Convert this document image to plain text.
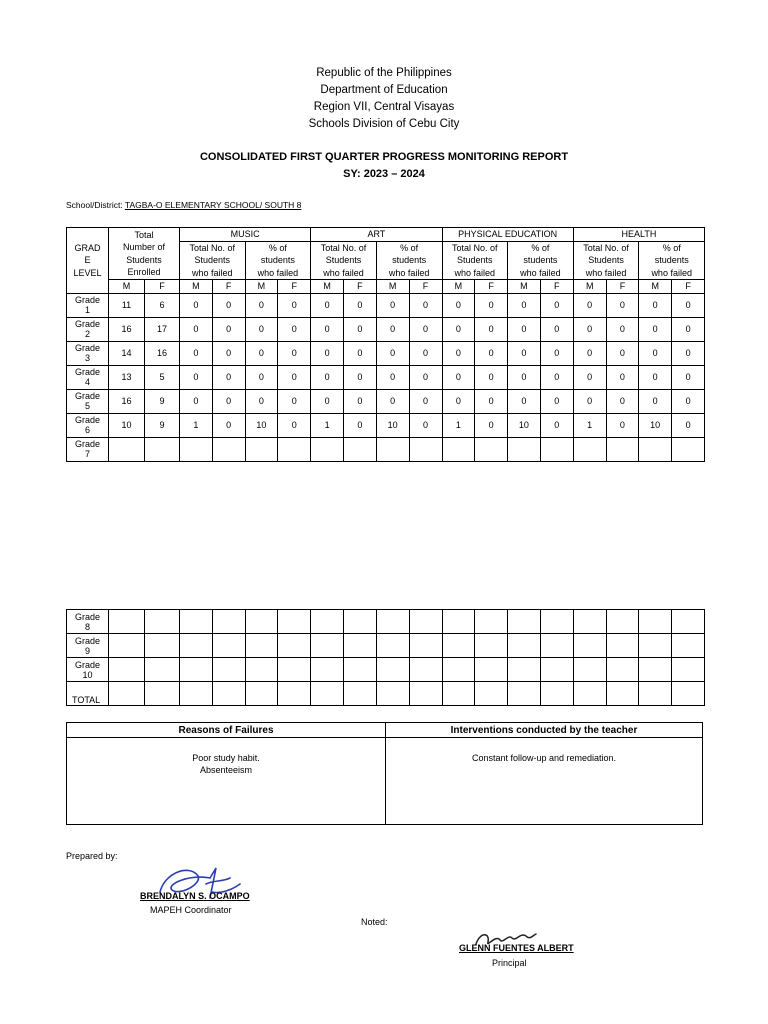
Republic of the Philippines
Department of Education
Region VII, Central Visayas
Schools Division of Cebu City
CONSOLIDATED FIRST QUARTER PROGRESS MONITORING REPORT
SY: 2023 – 2024
School/District: TAGBA-O ELEMENTARY SCHOOL/ SOUTH 8
GRAD
E
LEVEL	Total
Number of
Students
Enrolled		MUSIC				ART				PHYSICAL EDUCATION				HEALTH			

			Total No. of
Students
who failed		% of
students
who failed		Total No. of
Students
who failed		% of
students
who failed		Total No. of
Students
who failed		% of
students
who failed		Total No. of
Students
who failed		% of
students
who failed	

	M	F	M	F	M	F	M	F	M	F	M	F	M	F	M	F	M	F

Grade
1	11	6	0	0	0	0	0	0	0	0	0	0	0	0	0	0	0	0

Grade
2	16	17	0	0	0	0	0	0	0	0	0	0	0	0	0	0	0	0

Grade
3	14	16	0	0	0	0	0	0	0	0	0	0	0	0	0	0	0	0

Grade
4	13	5	0	0	0	0	0	0	0	0	0	0	0	0	0	0	0	0

Grade
5	16	9	0	0	0	0	0	0	0	0	0	0	0	0	0	0	0	0

Grade
6	10	9	1	0	10	0	1	0	10	0	1	0	10	0	1	0	10	0

Grade
7																		

Grade
8																		

Grade
9																		

Grade
10																		

TOTAL																		

Reasons of Failures	Interventions conducted by the teacher

Poor study habit.
Absenteeism	Constant follow-up and remediation.
Prepared by:
BRENDALYN S. OCAMPO
MAPEH Coordinator
Noted:
GLENN FUENTES ALBERT
Principal
